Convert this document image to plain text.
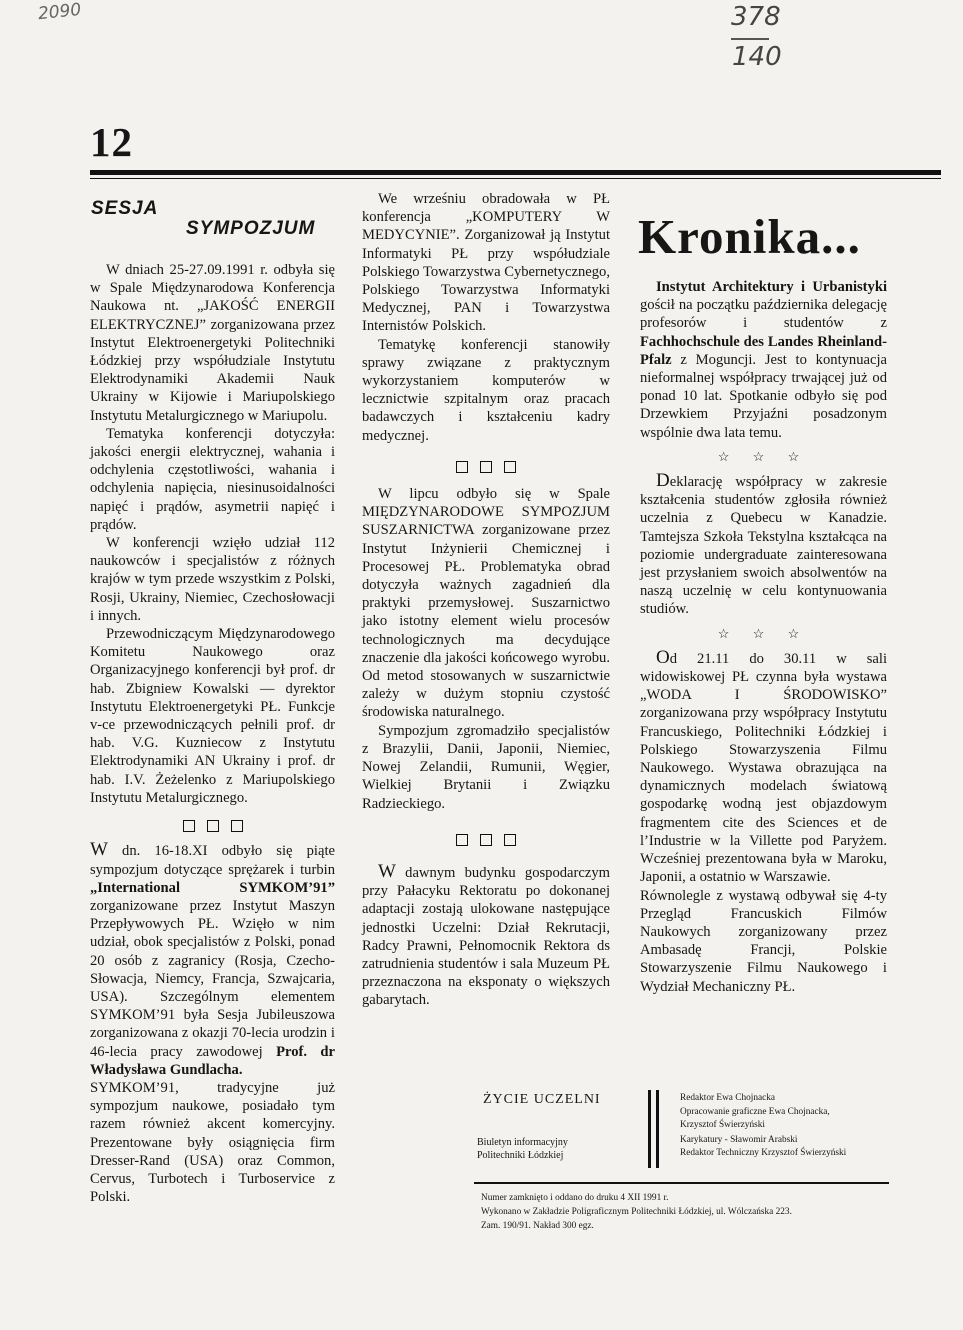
2090	378
140
12
SESJA
SYMPOZJUM	Kronika...

W dniach 25-27.09.1991 r. odbyła się w Spale Międzynarodowa Konferencja Naukowa nt. „JAKOŚĆ ENERGII ELEKTRYCZNEJ” zorganizowana przez Instytut Elektroenergetyki Politechniki Łódzkiej przy współudziale Instytutu Elektrodynamiki Akademii Nauk Ukrainy w Kijowie i Mariupolskiego Instytutu Metalurgicznego w Mariupolu.

Tematyka konferencji dotyczyła: jakości energii elektrycznej, wahania i odchylenia częstotliwości, wahania i odchylenia napięcia, niesinusoidalności napięć i prądów, asymetrii napięć i prądów.

W konferencji wzięło udział 112 naukowców i specjalistów z różnych krajów w tym przede wszystkim z Polski, Rosji, Ukrainy, Niemiec, Czechosłowacji i innych.

Przewodniczącym Międzynarodowego Komitetu Naukowego oraz Organizacyjnego konferencji był prof. dr hab. Zbigniew Kowalski — dyrektor Instytutu Elektroenergetyki PŁ. Funkcje v-ce przewodniczących pełnili prof. dr hab. V.G. Kuzniecow z Instytutu Elektrodynamiki AN Ukrainy i prof. dr hab. I.V. Żeżelenko z Mariupolskiego Instytutu Metalurgicznego.

W dn. 16-18.XI odbyło się piąte sympozjum dotyczące sprężarek i turbin „International SYMKOM’91” zorganizowane przez Instytut Maszyn Przepływowych PŁ. Wzięło w nim udział, obok specjalistów z Polski, ponad 20 osób z zagranicy (Rosja, Czecho-Słowacja, Niemcy, Francja, Szwajcaria, USA). Szczególnym elementem SYMKOM’91 była Sesja Jubileuszowa zorganizowana z okazji 70-lecia urodzin i 46-lecia pracy zawodowej Prof. dr Władysława Gundlacha.

SYMKOM’91, tradycyjne już sympozjum naukowe, posiadało tym razem również akcent komercyjny. Prezentowane były osiągnięcia firm Dresser-Rand (USA) oraz Common, Cervus, Turbotech i Turboservice z Polski.

We wrześniu obradowała w PŁ konferencja „KOMPUTERY W MEDYCYNIE”. Zorganizował ją Instytut Informatyki PŁ przy współudziale Polskiego Towarzystwa Cybernetycznego, Polskiego Towarzystwa Informatyki Medycznej, PAN i Towarzystwa Internistów Polskich.

Tematykę konferencji stanowiły sprawy związane z praktycznym wykorzystaniem komputerów w lecznictwie szpitalnym oraz pracach badawczych i kształceniu kadry medycznej.

W lipcu odbyło się w Spale MIĘDZYNARODOWE SYMPOZJUM SUSZARNICTWA zorganizowane przez Instytut Inżynierii Chemicznej i Procesowej PŁ. Problematyka obrad dotyczyła ważnych zagadnień dla praktyki przemysłowej. Suszarnictwo jako istotny element wielu procesów technologicznych ma decydujące znaczenie dla jakości końcowego wyrobu. Od metod stosowanych w suszarnictwie zależy w dużym stopniu czystość środowiska naturalnego.

Sympozjum zgromadziło specjalistów z Brazylii, Danii, Japonii, Niemiec, Nowej Zelandii, Rumunii, Węgier, Wielkiej Brytanii i Związku Radzieckiego.

W dawnym budynku gospodarczym przy Pałacyku Rektoratu po dokonanej adaptacji zostają ulokowane następujące jednostki Uczelni: Dział Rekrutacji, Radcy Prawni, Pełnomocnik Rektora ds zatrudnienia studentów i sala Muzeum PŁ przeznaczona na eksponaty o większych gabarytach.

Instytut Architektury i Urbanistyki gościł na początku października delegację profesorów i studentów z Fachhochschule des Landes Rheinland-Pfalz z Moguncji. Jest to kontynuacja nieformalnej współpracy trwającej już od ponad 10 lat. Spotkanie odbyło się pod Drzewkiem Przyjaźni posadzonym wspólnie dwa lata temu.

☆ ☆ ☆

Deklarację współpracy w zakresie kształcenia studentów zgłosiła również uczelnia z Quebecu w Kanadzie. Tamtejsza Szkoła Tekstylna kształcąca na poziomie undergraduate zainteresowana jest przysłaniem swoich absolwentów na naszą uczelnię w celu kontynuowania studiów.

☆ ☆ ☆

Od 21.11 do 30.11 w sali widowiskowej PŁ czynna była wystawa „WODA I ŚRODOWISKO” zorganizowana przy współpracy Instytutu Francuskiego, Politechniki Łódzkiej i Polskiego Stowarzyszenia Filmu Naukowego. Wystawa obrazująca na dynamicznych modelach światową gospodarkę wodną jest objazdowym fragmentem cite des Sciences et de l’Industrie w la Villette pod Paryżem. Wcześniej prezentowana była w Maroku, Japonii, a ostatnio w Warszawie.

Równolegle z wystawą odbywał się 4-ty Przegląd Francuskich Filmów Naukowych zorganizowany przez Ambasadę Francji, Polskie Stowarzyszenie Filmu Naukowego i Wydział Mechaniczny PŁ.

ŻYCIE UCZELNI
Biuletyn informacyjny
Politechniki Łódzkiej
Redaktor Ewa Chojnacka
Opracowanie graficzne Ewa Chojnacka,
Krzysztof Świerzyński
Karykatury - Sławomir Arabski
Redaktor Techniczny Krzysztof Świerzyński
Numer zamknięto i oddano do druku 4 XII 1991 r.
Wykonano w Zakładzie Poligraficznym Politechniki Łódzkiej, ul. Wólczańska 223.
Zam. 190/91. Nakład 300 egz.
